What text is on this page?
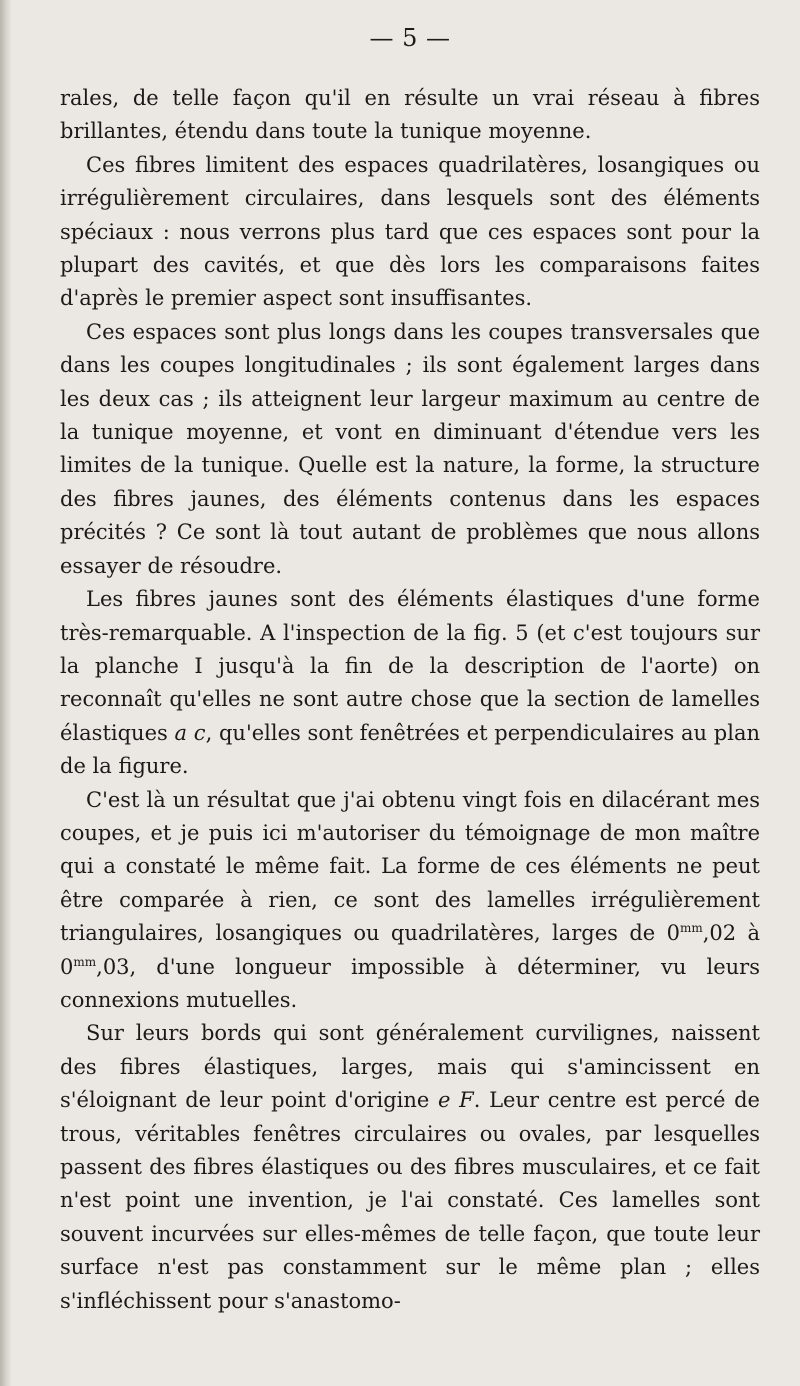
— 5 —

rales, de telle façon qu'il en résulte un vrai réseau à fibres brillantes, étendu dans toute la tunique moyenne.

Ces fibres limitent des espaces quadrilatères, losangiques ou irrégulièrement circulaires, dans lesquels sont des éléments spéciaux : nous verrons plus tard que ces espaces sont pour la plupart des cavités, et que dès lors les comparaisons faites d'après le premier aspect sont insuffisantes.

Ces espaces sont plus longs dans les coupes transversales que dans les coupes longitudinales ; ils sont également larges dans les deux cas ; ils atteignent leur largeur maximum au centre de la tunique moyenne, et vont en diminuant d'étendue vers les limites de la tunique. Quelle est la nature, la forme, la structure des fibres jaunes, des éléments contenus dans les espaces précités ? Ce sont là tout autant de problèmes que nous allons essayer de résoudre.

Les fibres jaunes sont des éléments élastiques d'une forme très-remarquable. A l'inspection de la fig. 5 (et c'est toujours sur la planche I jusqu'à la fin de la description de l'aorte) on reconnaît qu'elles ne sont autre chose que la section de lamelles élastiques a c, qu'elles sont fenêtrées et perpendiculaires au plan de la figure.

C'est là un résultat que j'ai obtenu vingt fois en dilacérant mes coupes, et je puis ici m'autoriser du témoignage de mon maître qui a constaté le même fait. La forme de ces éléments ne peut être comparée à rien, ce sont des lamelles irrégulièrement triangulaires, losangiques ou quadrilatères, larges de $0^{mm},02$ à $0^{mm},03$, d'une longueur impossible à déterminer, vu leurs connexions mutuelles.

Sur leurs bords qui sont généralement curvilignes, naissent des fibres élastiques, larges, mais qui s'amincissent en s'éloignant de leur point d'origine e F. Leur centre est percé de trous, véritables fenêtres circulaires ou ovales, par lesquelles passent des fibres élastiques ou des fibres musculaires, et ce fait n'est point une invention, je l'ai constaté. Ces lamelles sont souvent incurvées sur elles-mêmes de telle façon, que toute leur surface n'est pas constamment sur le même plan ; elles s'infléchissent pour s'anastomo-
